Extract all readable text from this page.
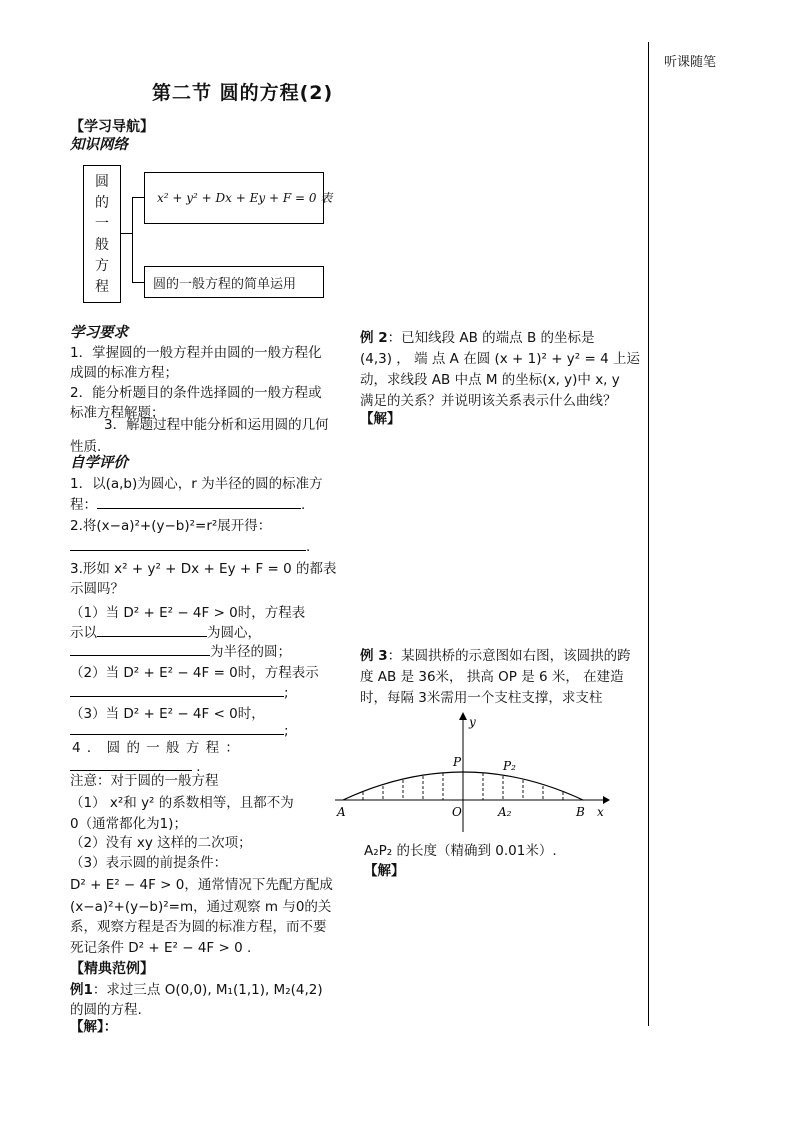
听课随笔
第二节 圆的方程(2)
【学习导航】
知识网络
圆
的
一
般
方
程
x² + y² + Dx + Ey + F = 0 表
圆的一般方程的简单运用
学习要求
1．掌握圆的一般方程并由圆的一般方程化
成圆的标准方程；
2．能分析题目的条件选择圆的一般方程或
标准方程解题；
3．解题过程中能分析和运用圆的几何
性质.
自学评价
1．以(a,b)为圆心，r 为半径的圆的标准方
程：	.
2.将(x−a)²+(y−b)²=r²展开得：
.
3.形如 x² + y² + Dx + Ey + F = 0 的都表
示圆吗？
（1）当 D² + E² − 4F > 0时，方程表
示以	为圆心，
为半径的圆；
（2）当 D² + E² − 4F = 0时，方程表示
;
（3）当 D² + E² − 4F < 0时，
;
4 ． 圆 的 一 般 方 程 ：
.
注意：对于圆的一般方程
（1） x²和 y² 的系数相等，且都不为
0（通常都化为1)；
（2）没有 xy 这样的二次项；
（3）表示圆的前提条件：
D² + E² − 4F > 0，通常情况下先配方配成
(x−a)²+(y−b)²=m，通过观察 m 与0的关
系，观察方程是否为圆的标准方程，而不要
死记条件 D² + E² − 4F > 0 .
【精典范例】
例1：求过三点 O(0,0), M₁(1,1), M₂(4,2)
的圆的方程.
【解】：
例 2：已知线段 AB 的端点 B 的坐标是
(4,3) ， 端 点 A 在圆 (x + 1)² + y² = 4 上运
动，求线段 AB 中点 M 的坐标(x, y)中 x, y
满足的关系？并说明该关系表示什么曲线？
【解】
例 3：某圆拱桥的示意图如右图，该圆拱的跨
度 AB 是 36米， 拱高 OP 是 6 米， 在建造
时，每隔 3米需用一个支柱支撑，求支柱
y
x
P	P₂
A	O	A₂	B
A₂P₂ 的长度（精确到 0.01米）.
【解】
